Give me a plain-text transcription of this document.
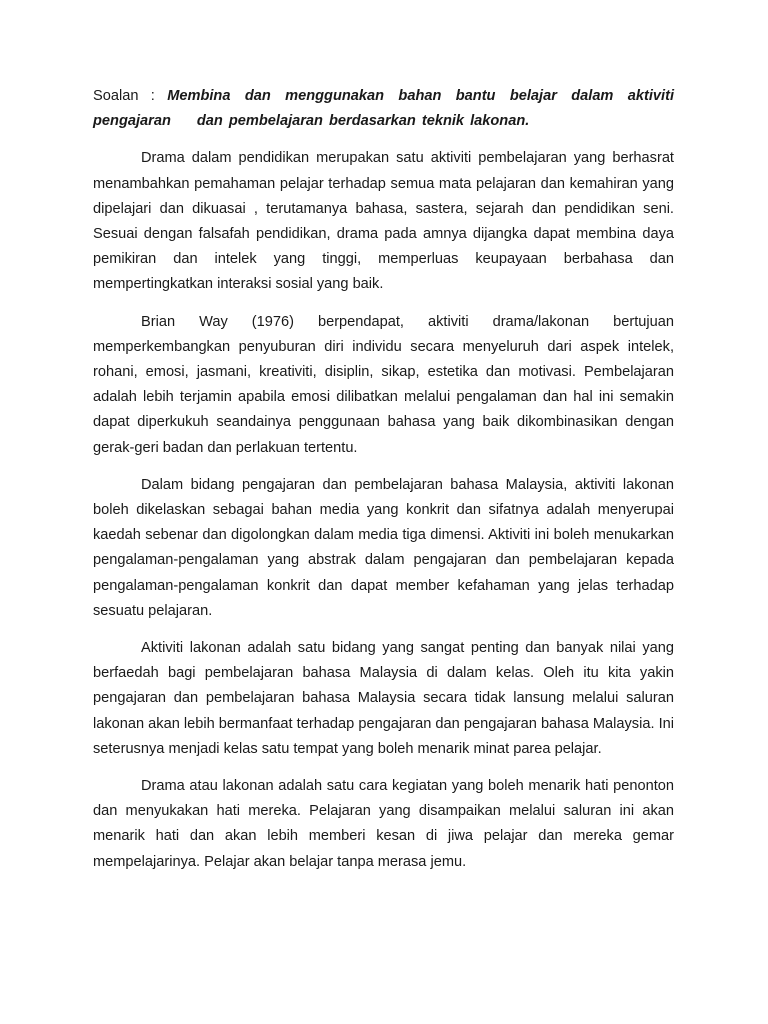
Soalan : Membina dan menggunakan bahan bantu belajar dalam aktiviti pengajaran dan pembelajaran berdasarkan teknik lakonan.

Drama dalam pendidikan merupakan satu aktiviti pembelajaran yang berhasrat menambahkan pemahaman pelajar terhadap semua mata pelajaran dan kemahiran yang dipelajari dan dikuasai , terutamanya bahasa, sastera, sejarah dan pendidikan seni. Sesuai dengan falsafah pendidikan, drama pada amnya dijangka dapat membina daya pemikiran dan intelek yang tinggi, memperluas keupayaan berbahasa dan mempertingkatkan interaksi sosial yang baik.

Brian Way (1976) berpendapat, aktiviti drama/lakonan bertujuan memperkembangkan penyuburan diri individu secara menyeluruh dari aspek intelek, rohani, emosi, jasmani, kreativiti, disiplin, sikap, estetika dan motivasi. Pembelajaran adalah lebih terjamin apabila emosi dilibatkan melalui pengalaman dan hal ini semakin dapat diperkukuh seandainya penggunaan bahasa yang baik dikombinasikan dengan gerak-geri badan dan perlakuan tertentu.

Dalam bidang pengajaran dan pembelajaran bahasa Malaysia, aktiviti lakonan boleh dikelaskan sebagai bahan media yang konkrit dan sifatnya adalah menyerupai kaedah sebenar dan digolongkan dalam media tiga dimensi. Aktiviti ini boleh menukarkan pengalaman-pengalaman yang abstrak dalam pengajaran dan pembelajaran kepada pengalaman-pengalaman konkrit dan dapat member kefahaman yang jelas terhadap sesuatu pelajaran.

Aktiviti lakonan adalah satu bidang yang sangat penting dan banyak nilai yang berfaedah bagi pembelajaran bahasa Malaysia di dalam kelas. Oleh itu kita yakin pengajaran dan pembelajaran bahasa Malaysia secara tidak lansung melalui saluran lakonan akan lebih bermanfaat terhadap pengajaran dan pengajaran bahasa Malaysia. Ini seterusnya menjadi kelas satu tempat yang boleh menarik minat parea pelajar.

Drama atau lakonan adalah satu cara kegiatan yang boleh menarik hati penonton dan menyukakan hati mereka. Pelajaran yang disampaikan melalui saluran ini akan menarik hati dan akan lebih memberi kesan di jiwa pelajar dan mereka gemar mempelajarinya. Pelajar akan belajar tanpa merasa jemu.
